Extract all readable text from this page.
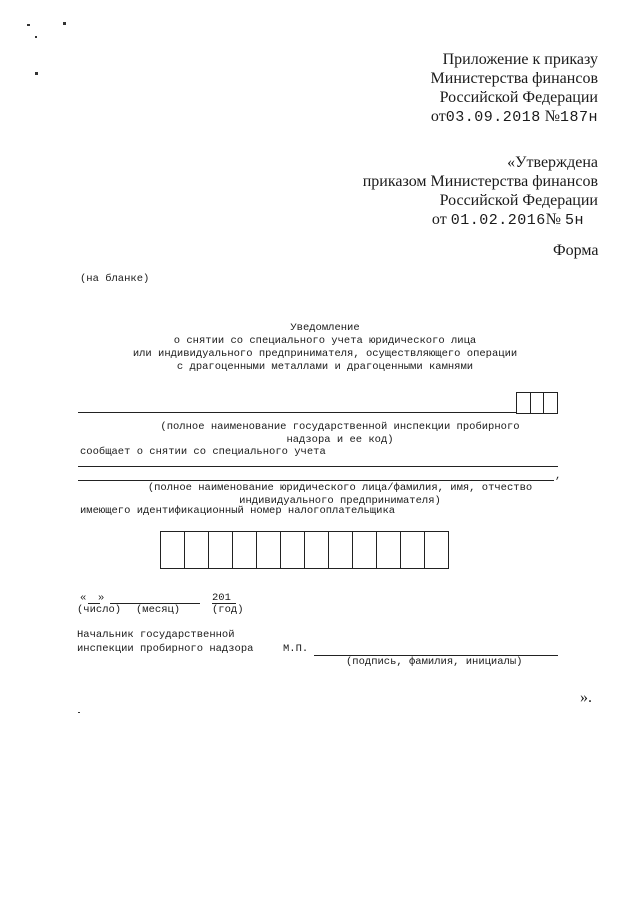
Приложение к приказу
Министерства финансов
Российской Федерации
от03.09.2018 №187н
«Утверждена
приказом Министерства финансов
Российской Федерации
от 01.02.2016№ 5н
Форма
(на бланке)
Уведомление
о снятии со специального учета юридического лица
или индивидуального предпринимателя, осуществляющего операции
с драгоценными металлами и драгоценными камнями
(полное наименование государственной инспекции пробирного
надзора и ее код)
сообщает о снятии со специального учета
,
(полное наименование юридического лица/фамилия, имя, отчество
индивидуального предпринимателя)
имеющего идентификационный номер налогоплательщика
« »	201
(число) (месяц)	(год)
Начальник государственной
инспекции пробирного надзора	М.П.
(подпись, фамилия, инициалы)
».
